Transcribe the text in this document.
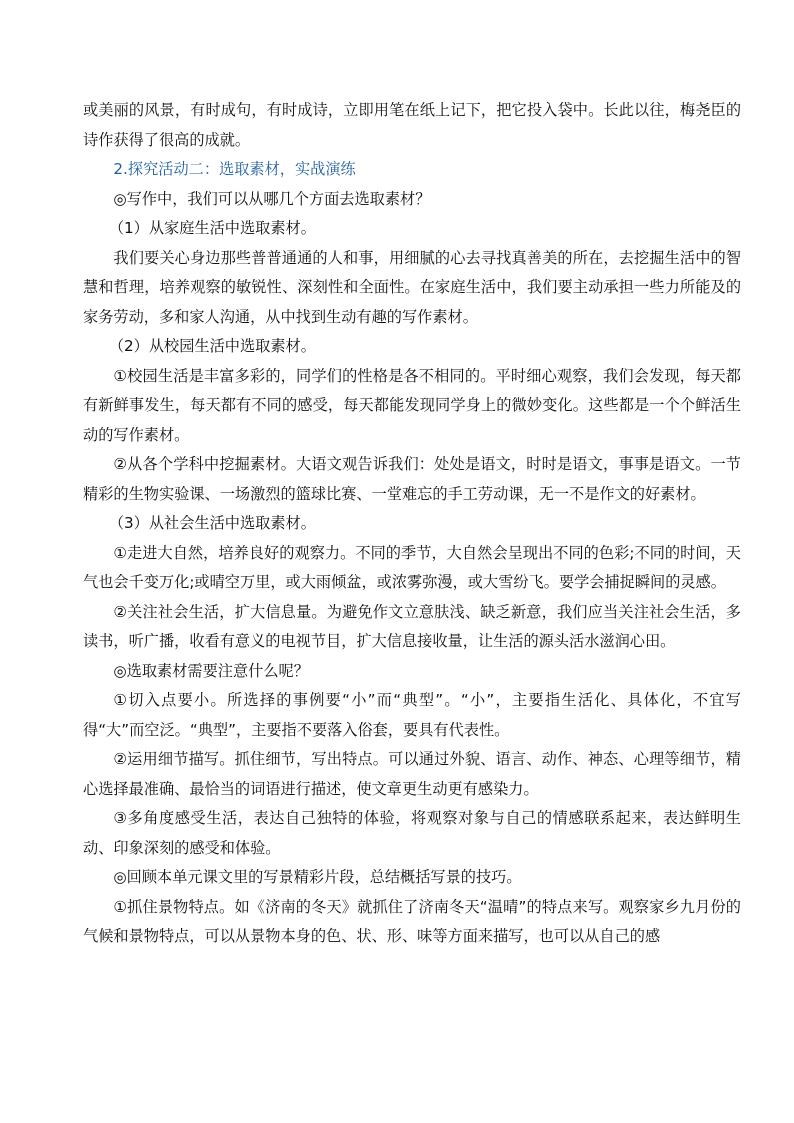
或美丽的风景，有时成句，有时成诗，立即用笔在纸上记下，把它投入袋中。长此以往，梅尧臣的诗作获得了很高的成就。

2.探究活动二：选取素材，实战演练

◎写作中，我们可以从哪几个方面去选取素材？

（1）从家庭生活中选取素材。

我们要关心身边那些普普通通的人和事，用细腻的心去寻找真善美的所在，去挖掘生活中的智慧和哲理，培养观察的敏锐性、深刻性和全面性。在家庭生活中，我们要主动承担一些力所能及的家务劳动，多和家人沟通，从中找到生动有趣的写作素材。

（2）从校园生活中选取素材。

①校园生活是丰富多彩的，同学们的性格是各不相同的。平时细心观察，我们会发现，每天都有新鲜事发生，每天都有不同的感受，每天都能发现同学身上的微妙变化。这些都是一个个鲜活生动的写作素材。

②从各个学科中挖掘素材。大语文观告诉我们：处处是语文，时时是语文，事事是语文。一节精彩的生物实验课、一场激烈的篮球比赛、一堂难忘的手工劳动课，无一不是作文的好素材。

（3）从社会生活中选取素材。

①走进大自然，培养良好的观察力。不同的季节，大自然会呈现出不同的色彩;不同的时间，天气也会千变万化;或晴空万里，或大雨倾盆，或浓雾弥漫，或大雪纷飞。要学会捕捉瞬间的灵感。

②关注社会生活，扩大信息量。为避免作文立意肤浅、缺乏新意，我们应当关注社会生活，多读书，听广播，收看有意义的电视节目，扩大信息接收量，让生活的源头活水滋润心田。

◎选取素材需要注意什么呢？

①切入点要小。所选择的事例要“小”而“典型”。“小”，主要指生活化、具体化，不宜写得“大”而空泛。“典型”，主要指不要落入俗套，要具有代表性。

②运用细节描写。抓住细节，写出特点。可以通过外貌、语言、动作、神态、心理等细节，精心选择最准确、最恰当的词语进行描述，使文章更生动更有感染力。

③多角度感受生活，表达自己独特的体验，将观察对象与自己的情感联系起来，表达鲜明生动、印象深刻的感受和体验。

◎回顾本单元课文里的写景精彩片段，总结概括写景的技巧。

①抓住景物特点。如《济南的冬天》就抓住了济南冬天“温晴”的特点来写。观察家乡九月份的气候和景物特点，可以从景物本身的色、状、形、味等方面来描写，也可以从自己的感
